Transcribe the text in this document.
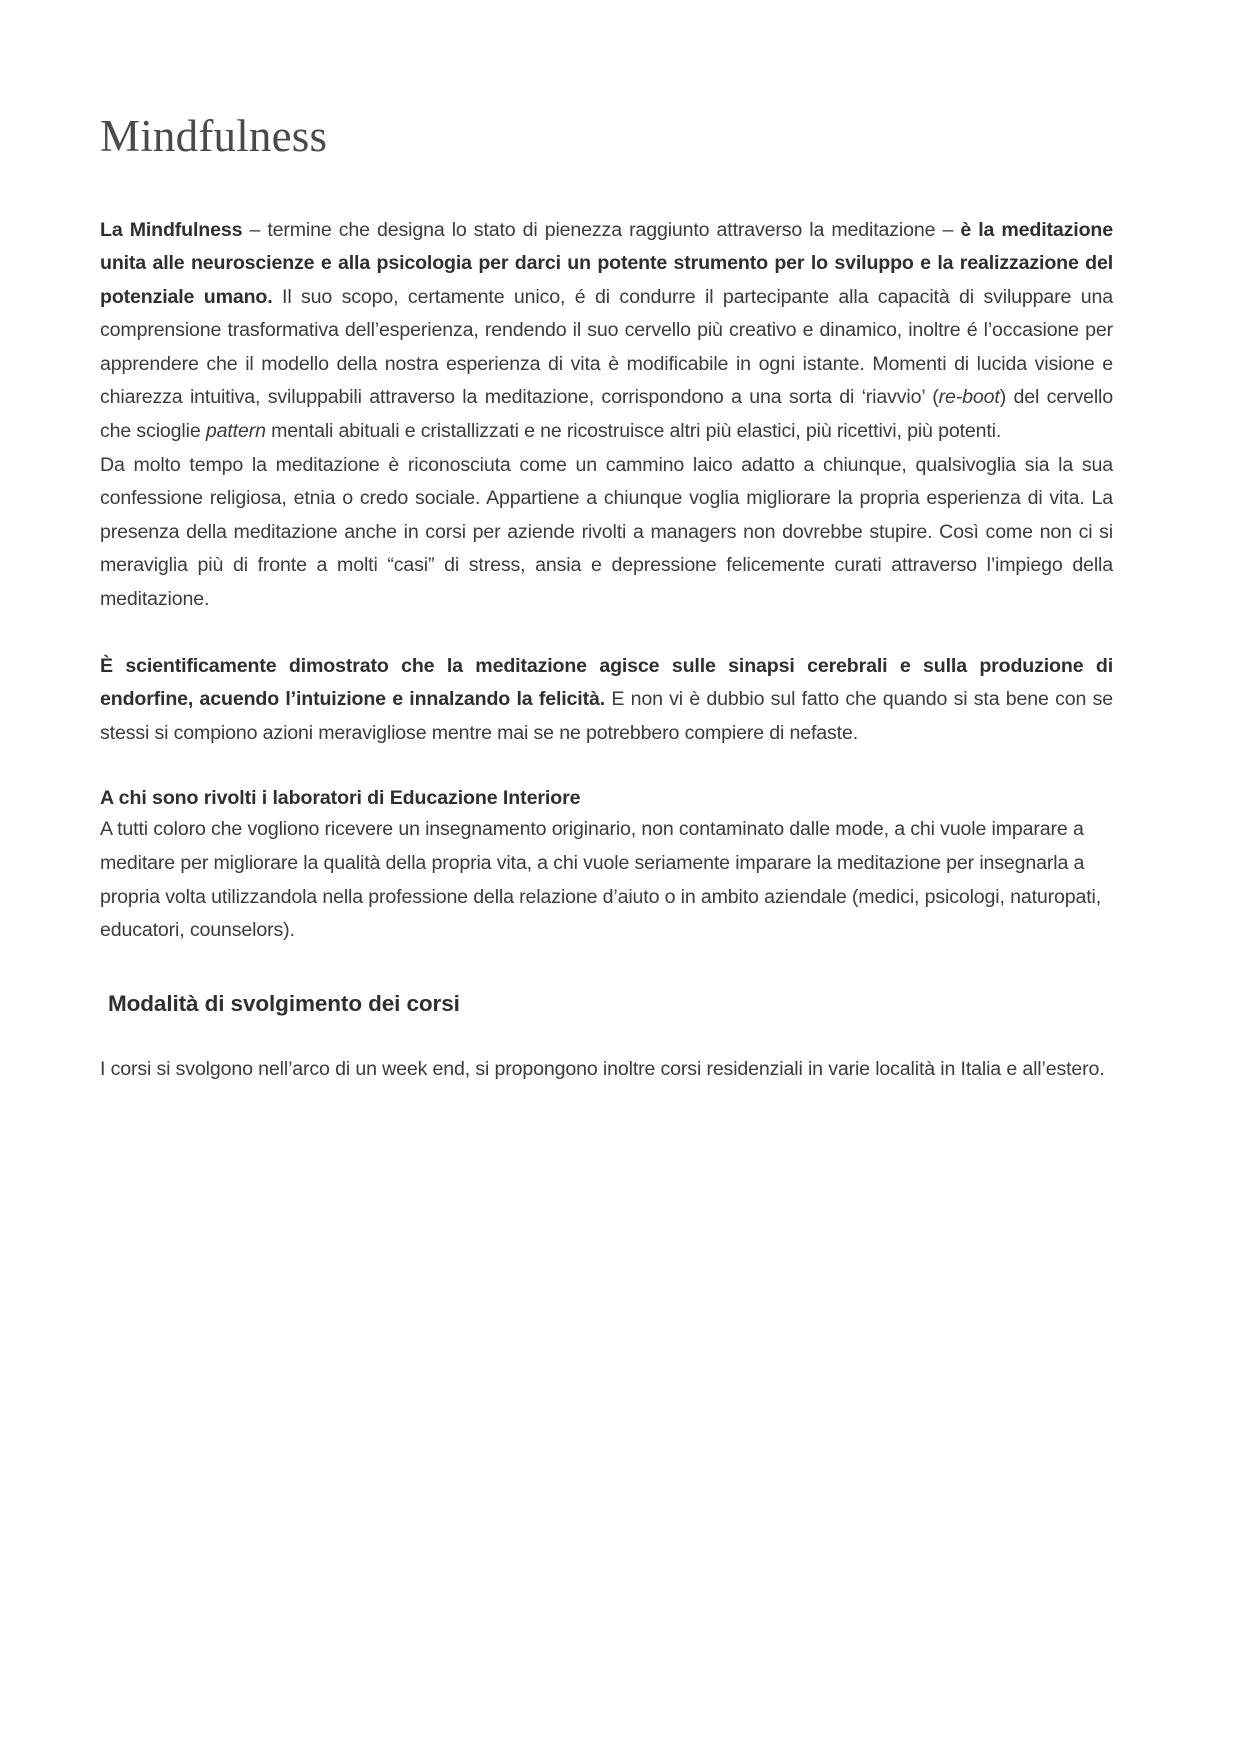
Mindfulness

La Mindfulness – termine che designa lo stato di pienezza raggiunto attraverso la meditazione – è la meditazione unita alle neuroscienze e alla psicologia per darci un potente strumento per lo sviluppo e la realizzazione del potenziale umano. Il suo scopo, certamente unico, é di condurre il partecipante alla capacità di sviluppare una comprensione trasformativa dell’esperienza, rendendo il suo cervello più creativo e dinamico, inoltre é l’occasione per apprendere che il modello della nostra esperienza di vita è modificabile in ogni istante. Momenti di lucida visione e chiarezza intuitiva, sviluppabili attraverso la meditazione, corrispondono a una sorta di ‘riavvio’ (re-boot) del cervello che scioglie pattern mentali abituali e cristallizzati e ne ricostruisce altri più elastici, più ricettivi, più potenti.

Da molto tempo la meditazione è riconosciuta come un cammino laico adatto a chiunque, qualsivoglia sia la sua confessione religiosa, etnia o credo sociale. Appartiene a chiunque voglia migliorare la propria esperienza di vita. La presenza della meditazione anche in corsi per aziende rivolti a managers non dovrebbe stupire. Così come non ci si meraviglia più di fronte a molti “casi” di stress, ansia e depressione felicemente curati attraverso l’impiego della meditazione.

È scientificamente dimostrato che la meditazione agisce sulle sinapsi cerebrali e sulla produzione di endorfine, acuendo l’intuizione e innalzando la felicità. E non vi è dubbio sul fatto che quando si sta bene con se stessi si compiono azioni meravigliose mentre mai se ne potrebbero compiere di nefaste.

A chi sono rivolti i laboratori di Educazione Interiore

A tutti coloro che vogliono ricevere un insegnamento originario, non contaminato dalle mode, a chi vuole imparare a meditare per migliorare la qualità della propria vita, a chi vuole seriamente imparare la meditazione per insegnarla a propria volta utilizzandola nella professione della relazione d’aiuto o in ambito aziendale (medici, psicologi, naturopati, educatori, counselors).

Modalità di svolgimento dei corsi

I corsi si svolgono nell’arco di un week end, si propongono inoltre corsi residenziali in varie località in Italia e all’estero.
